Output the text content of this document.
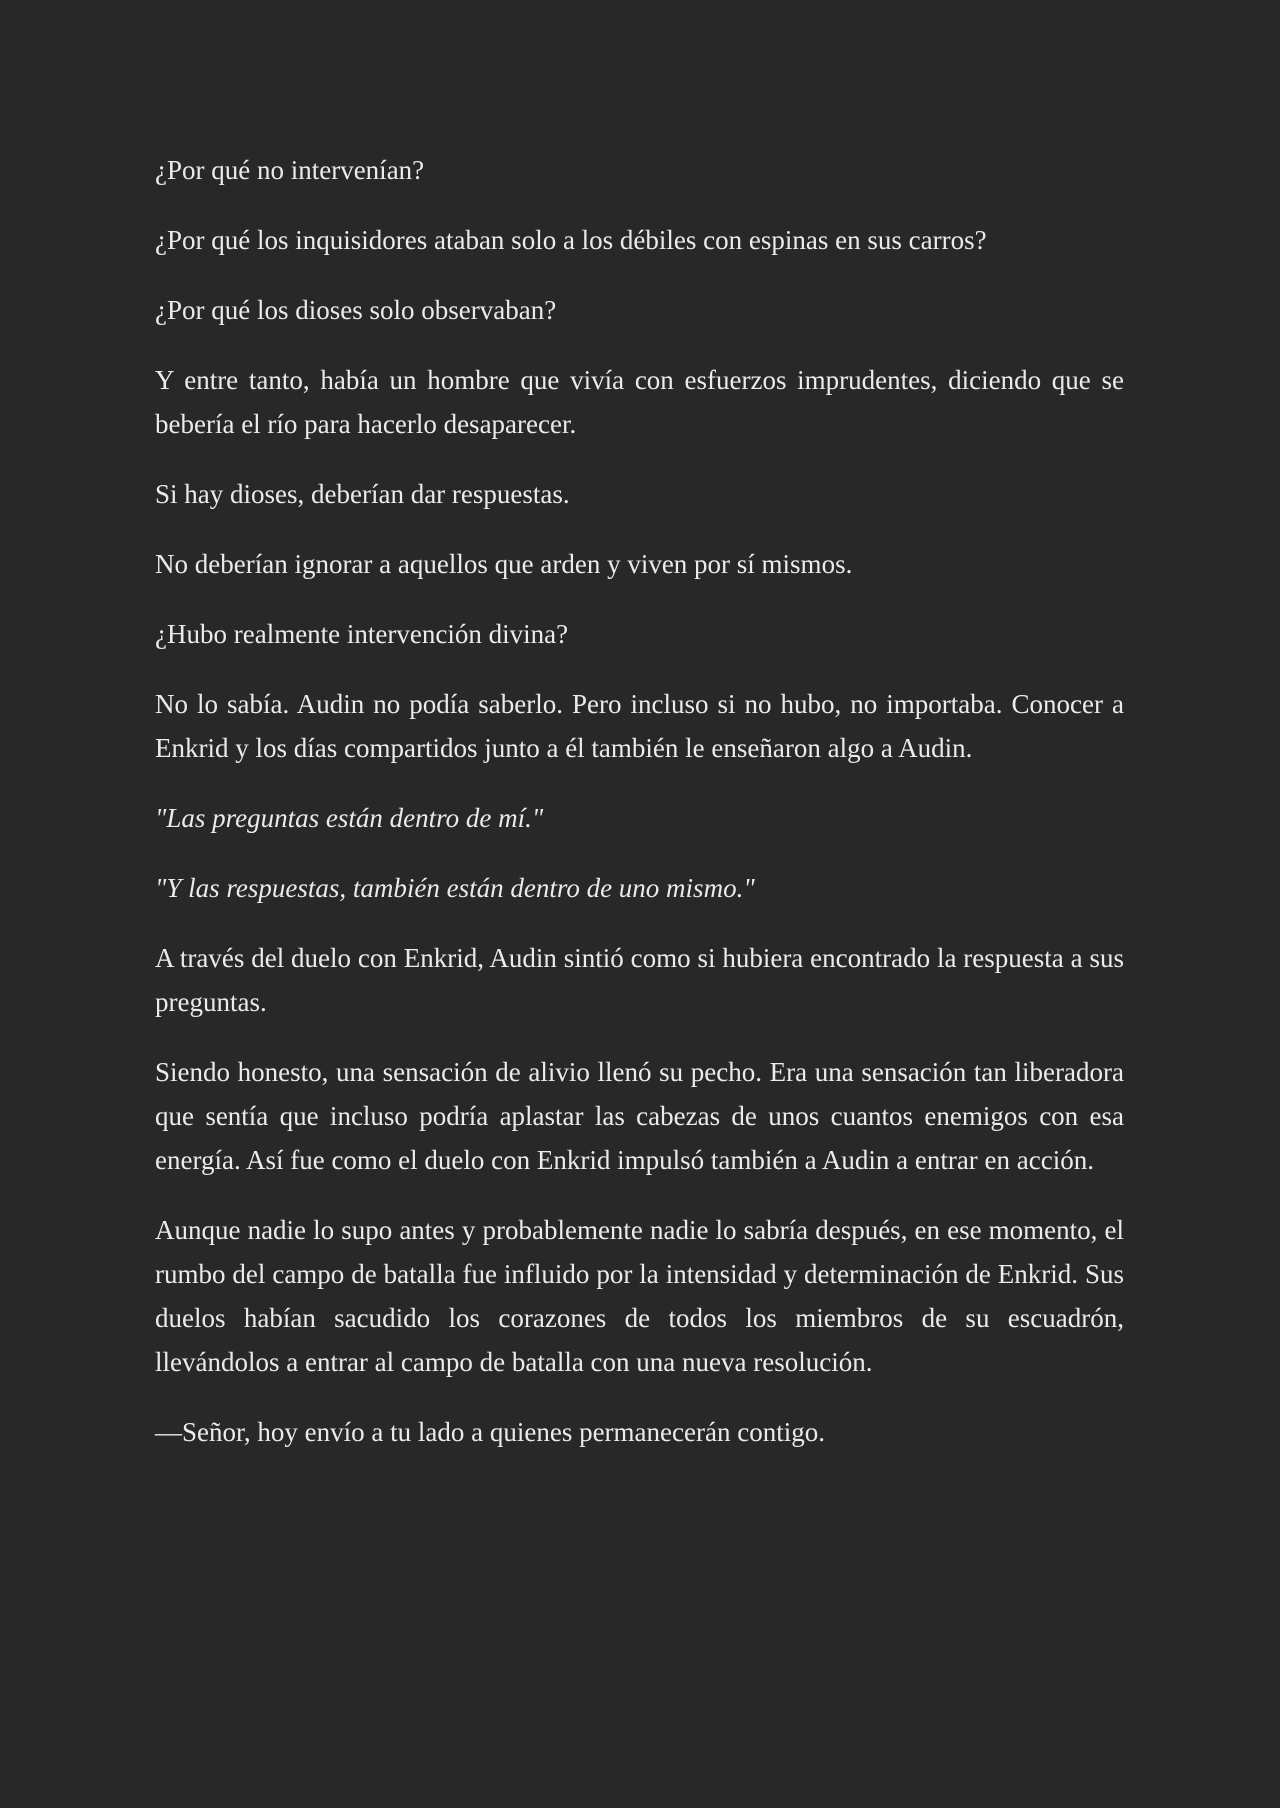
¿Por qué no intervenían?

¿Por qué los inquisidores ataban solo a los débiles con espinas en sus carros?

¿Por qué los dioses solo observaban?

Y entre tanto, había un hombre que vivía con esfuerzos imprudentes, diciendo que se bebería el río para hacerlo desaparecer.

Si hay dioses, deberían dar respuestas.

No deberían ignorar a aquellos que arden y viven por sí mismos.

¿Hubo realmente intervención divina?

No lo sabía. Audin no podía saberlo. Pero incluso si no hubo, no importaba. Conocer a Enkrid y los días compartidos junto a él también le enseñaron algo a Audin.

"Las preguntas están dentro de mí."

"Y las respuestas, también están dentro de uno mismo."

A través del duelo con Enkrid, Audin sintió como si hubiera encontrado la respuesta a sus preguntas.

Siendo honesto, una sensación de alivio llenó su pecho. Era una sensación tan liberadora que sentía que incluso podría aplastar las cabezas de unos cuantos enemigos con esa energía. Así fue como el duelo con Enkrid impulsó también a Audin a entrar en acción.

Aunque nadie lo supo antes y probablemente nadie lo sabría después, en ese momento, el rumbo del campo de batalla fue influido por la intensidad y determinación de Enkrid. Sus duelos habían sacudido los corazones de todos los miembros de su escuadrón, llevándolos a entrar al campo de batalla con una nueva resolución.

—Señor, hoy envío a tu lado a quienes permanecerán contigo.
